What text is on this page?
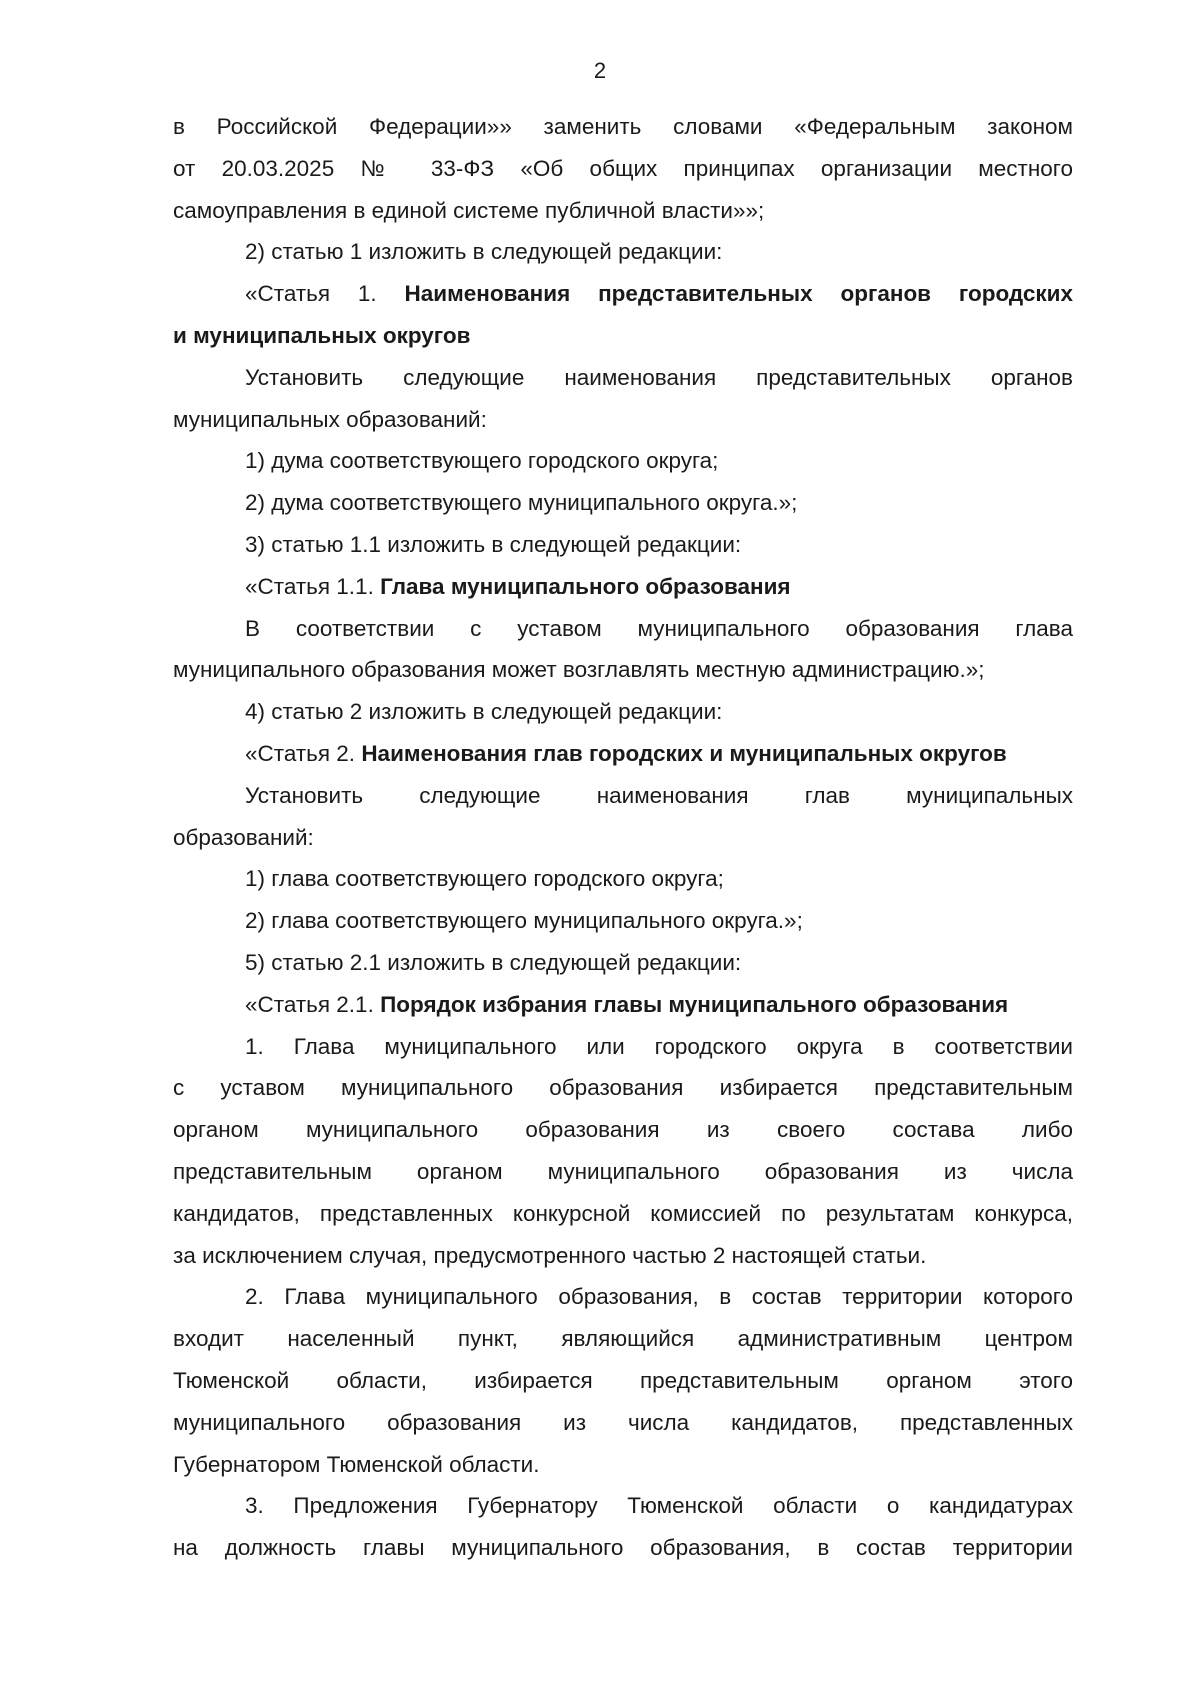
2
в Российской Федерации»» заменить словами «Федеральным законом
от 20.03.2025 № 33-ФЗ «Об общих принципах организации местного
самоуправления в единой системе публичной власти»»;
2) статью 1 изложить в следующей редакции:
«Статья 1. Наименования представительных органов городских
и муниципальных округов
Установить следующие наименования представительных органов
муниципальных образований:
1) дума соответствующего городского округа;
2) дума соответствующего муниципального округа.»;
3) статью 1.1 изложить в следующей редакции:
«Статья 1.1. Глава муниципального образования
В соответствии с уставом муниципального образования глава
муниципального образования может возглавлять местную администрацию.»;
4) статью 2 изложить в следующей редакции:
«Статья 2. Наименования глав городских и муниципальных округов
Установить следующие наименования глав муниципальных
образований:
1) глава соответствующего городского округа;
2) глава соответствующего муниципального округа.»;
5) статью 2.1 изложить в следующей редакции:
«Статья 2.1. Порядок избрания главы муниципального образования
1. Глава муниципального или городского округа в соответствии
с уставом муниципального образования избирается представительным
органом муниципального образования из своего состава либо
представительным органом муниципального образования из числа
кандидатов, представленных конкурсной комиссией по результатам конкурса,
за исключением случая, предусмотренного частью 2 настоящей статьи.
2. Глава муниципального образования, в состав территории которого
входит населенный пункт, являющийся административным центром
Тюменской области, избирается представительным органом этого
муниципального образования из числа кандидатов, представленных
Губернатором Тюменской области.
3. Предложения Губернатору Тюменской области о кандидатурах
на должность главы муниципального образования, в состав территории
